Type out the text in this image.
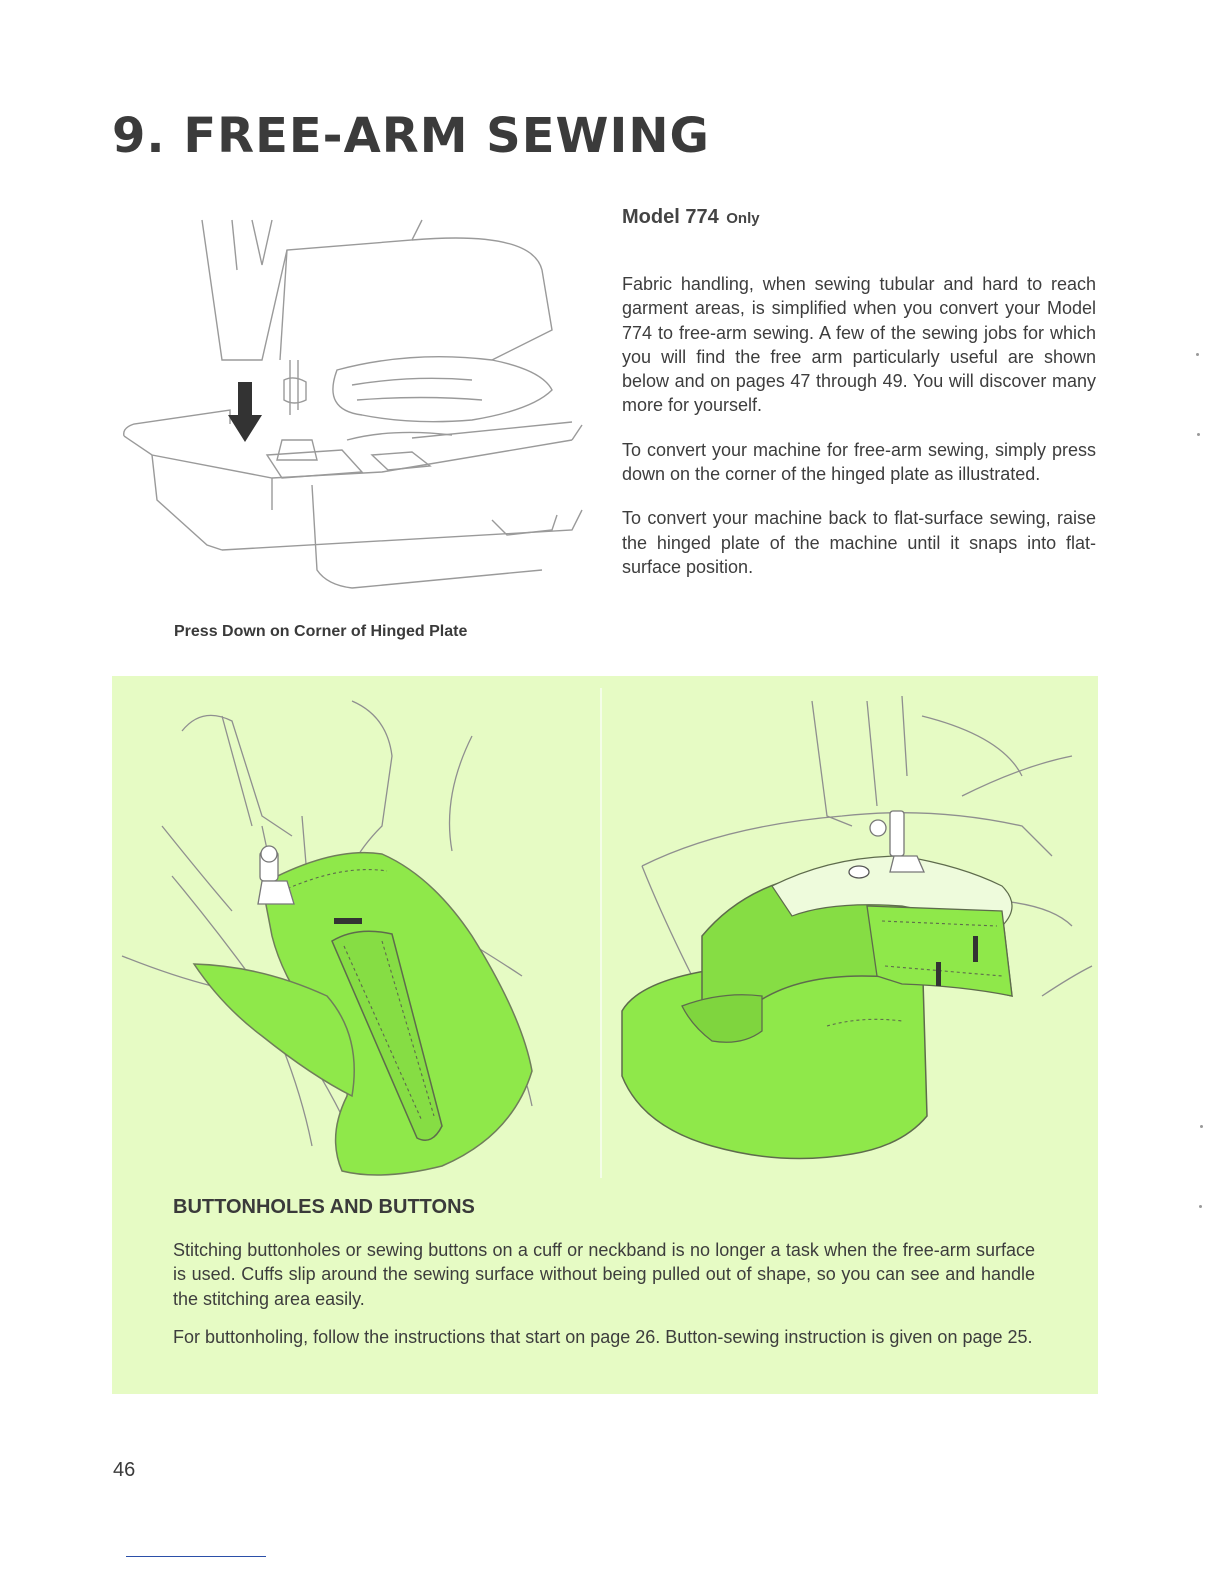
9. FREE-ARM SEWING
Press Down on Corner of Hinged Plate
Model 774 Only

Fabric handling, when sewing tubular and hard to reach garment areas, is simplified when you convert your Model 774 to free-arm sewing. A few of the sewing jobs for which you will find the free arm particularly useful are shown below and on pages 47 through 49. You will discover many more for yourself.

To convert your machine for free-arm sewing, simply press down on the corner of the hinged plate as illustrated.

To convert your machine back to flat-surface sewing, raise the hinged plate of the machine until it snaps into flat-surface position.

BUTTONHOLES AND BUTTONS

Stitching buttonholes or sewing buttons on a cuff or neckband is no longer a task when the free-arm surface is used. Cuffs slip around the sewing surface without being pulled out of shape, so you can see and handle the stitching area easily.

For buttonholing, follow the instructions that start on page 26. Button-sewing instruction is given on page 25.

46
